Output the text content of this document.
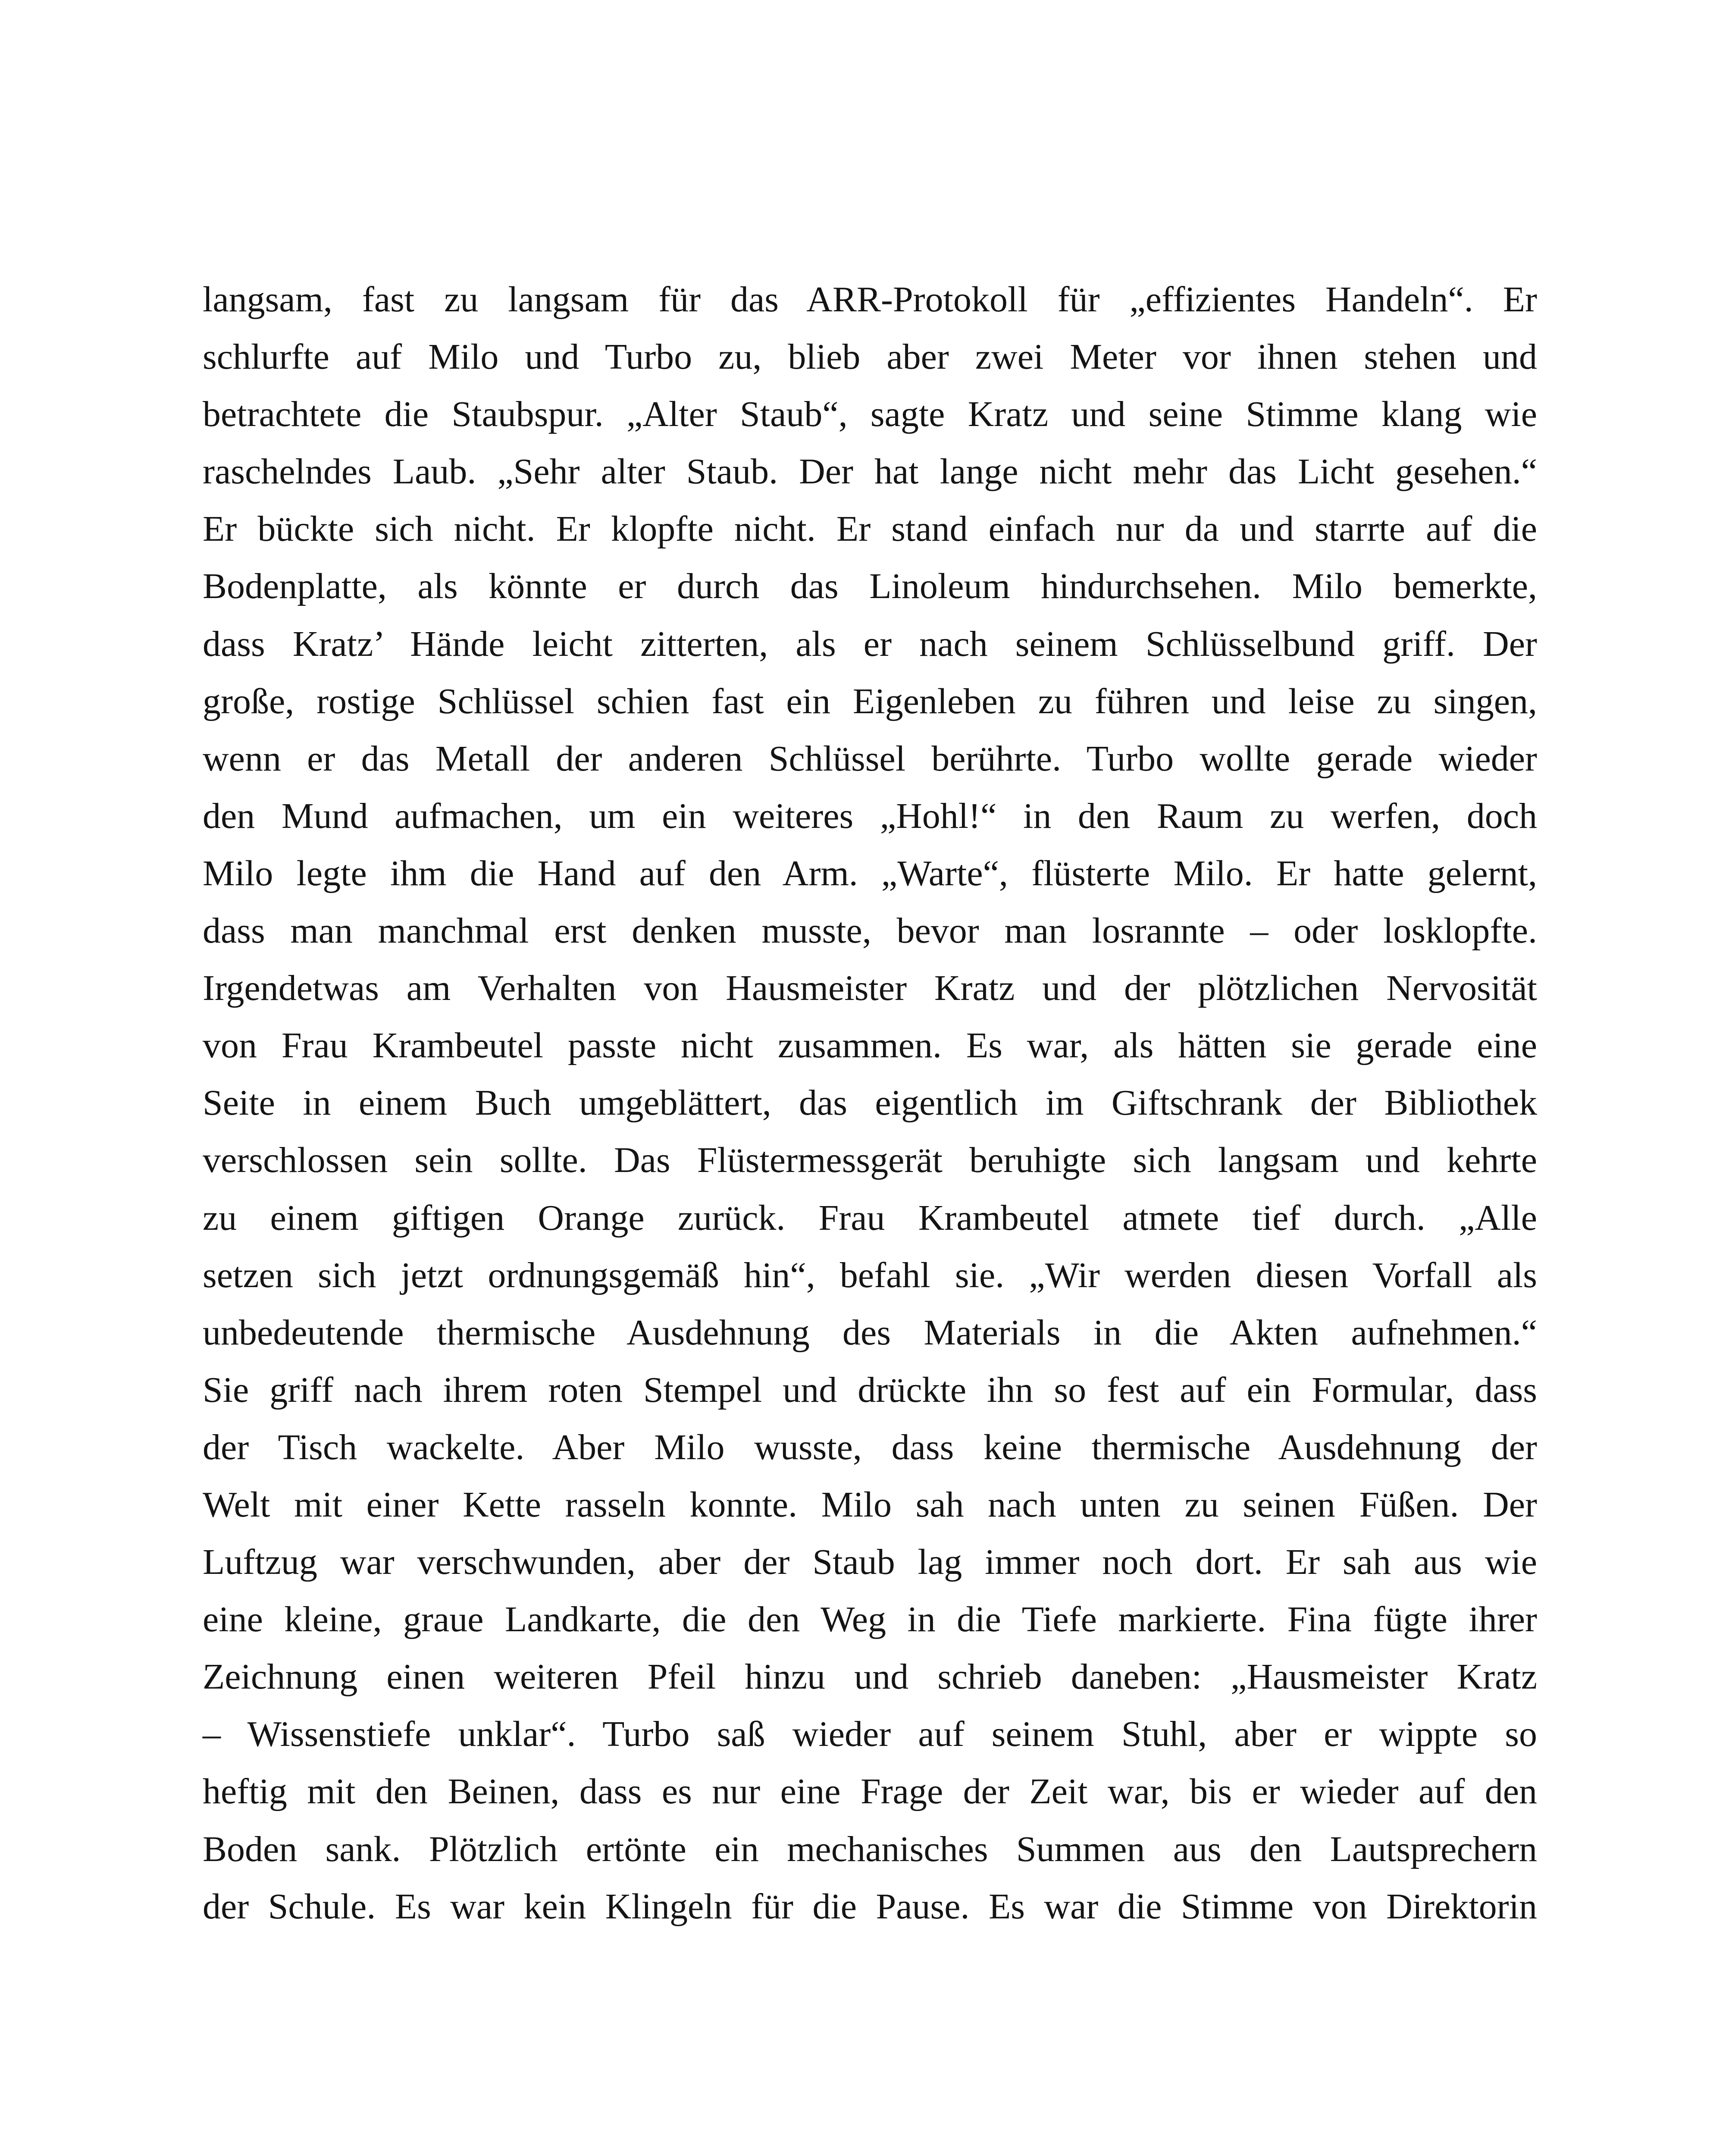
langsam, fast zu langsam für das ARR-Protokoll für „effizientes Handeln“. Er
schlurfte auf Milo und Turbo zu, blieb aber zwei Meter vor ihnen stehen und
betrachtete die Staubspur. „Alter Staub“, sagte Kratz und seine Stimme klang wie
raschelndes Laub. „Sehr alter Staub. Der hat lange nicht mehr das Licht gesehen.“
Er bückte sich nicht. Er klopfte nicht. Er stand einfach nur da und starrte auf die
Bodenplatte, als könnte er durch das Linoleum hindurchsehen. Milo bemerkte,
dass Kratz’ Hände leicht zitterten, als er nach seinem Schlüsselbund griff. Der
große, rostige Schlüssel schien fast ein Eigenleben zu führen und leise zu singen,
wenn er das Metall der anderen Schlüssel berührte. Turbo wollte gerade wieder
den Mund aufmachen, um ein weiteres „Hohl!“ in den Raum zu werfen, doch
Milo legte ihm die Hand auf den Arm. „Warte“, flüsterte Milo. Er hatte gelernt,
dass man manchmal erst denken musste, bevor man losrannte – oder losklopfte.
Irgendetwas am Verhalten von Hausmeister Kratz und der plötzlichen Nervosität
von Frau Krambeutel passte nicht zusammen. Es war, als hätten sie gerade eine
Seite in einem Buch umgeblättert, das eigentlich im Giftschrank der Bibliothek
verschlossen sein sollte. Das Flüstermessgerät beruhigte sich langsam und kehrte
zu einem giftigen Orange zurück. Frau Krambeutel atmete tief durch. „Alle
setzen sich jetzt ordnungsgemäß hin“, befahl sie. „Wir werden diesen Vorfall als
unbedeutende thermische Ausdehnung des Materials in die Akten aufnehmen.“
Sie griff nach ihrem roten Stempel und drückte ihn so fest auf ein Formular, dass
der Tisch wackelte. Aber Milo wusste, dass keine thermische Ausdehnung der
Welt mit einer Kette rasseln konnte. Milo sah nach unten zu seinen Füßen. Der
Luftzug war verschwunden, aber der Staub lag immer noch dort. Er sah aus wie
eine kleine, graue Landkarte, die den Weg in die Tiefe markierte. Fina fügte ihrer
Zeichnung einen weiteren Pfeil hinzu und schrieb daneben: „Hausmeister Kratz
– Wissenstiefe unklar“. Turbo saß wieder auf seinem Stuhl, aber er wippte so
heftig mit den Beinen, dass es nur eine Frage der Zeit war, bis er wieder auf den
Boden sank. Plötzlich ertönte ein mechanisches Summen aus den Lautsprechern
der Schule. Es war kein Klingeln für die Pause. Es war die Stimme von Direktorin
